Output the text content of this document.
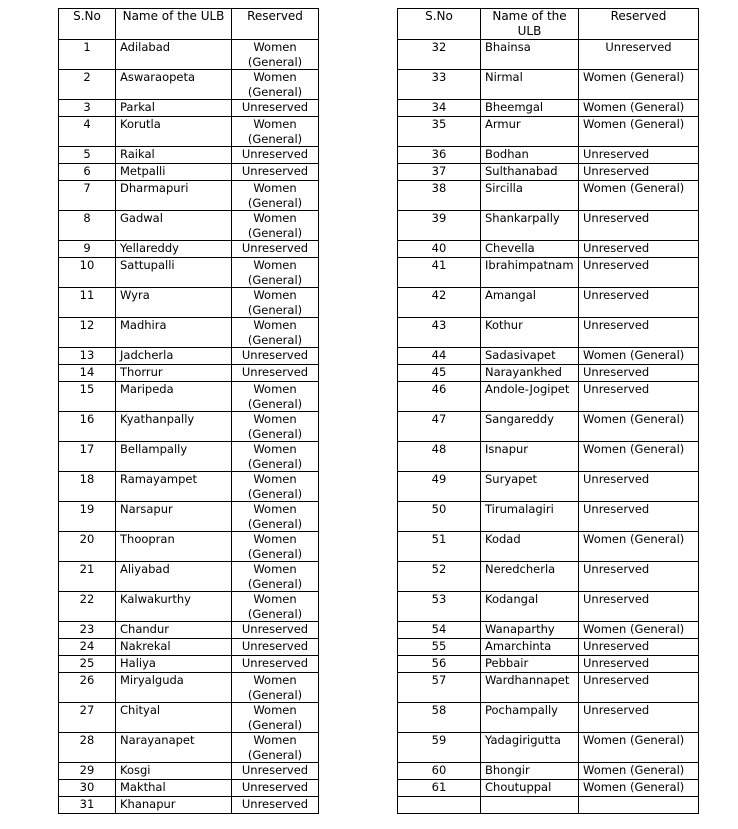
S.No	Name of the ULB	Reserved
1	Adilabad	Women (General)
2	Aswaraopeta	Women (General)
3	Parkal	Unreserved
4	Korutla	Women (General)
5	Raikal	Unreserved
6	Metpalli	Unreserved
7	Dharmapuri	Women (General)
8	Gadwal	Women (General)
9	Yellareddy	Unreserved
10	Sattupalli	Women (General)
11	Wyra	Women (General)
12	Madhira	Women (General)
13	Jadcherla	Unreserved
14	Thorrur	Unreserved
15	Maripeda	Women (General)
16	Kyathanpally	Women (General)
17	Bellampally	Women (General)
18	Ramayampet	Women (General)
19	Narsapur	Women (General)
20	Thoopran	Women (General)
21	Aliyabad	Women (General)
22	Kalwakurthy	Women (General)
23	Chandur	Unreserved
24	Nakrekal	Unreserved
25	Haliya	Unreserved
26	Miryalguda	Women (General)
27	Chityal	Women (General)
28	Narayanapet	Women (General)
29	Kosgi	Unreserved
30	Makthal	Unreserved
31	Khanapur	Unreserved
S.No	Name of the ULB	Reserved
32	Bhainsa	Unreserved
33	Nirmal	Women (General)
34	Bheemgal	Women (General)
35	Armur	Women (General)
36	Bodhan	Unreserved
37	Sulthanabad	Unreserved
38	Sircilla	Women (General)
39	Shankarpally	Unreserved
40	Chevella	Unreserved
41	Ibrahimpatnam	Unreserved
42	Amangal	Unreserved
43	Kothur	Unreserved
44	Sadasivapet	Women (General)
45	Narayankhed	Unreserved
46	Andole-Jogipet	Unreserved
47	Sangareddy	Women (General)
48	Isnapur	Women (General)
49	Suryapet	Unreserved
50	Tirumalagiri	Unreserved
51	Kodad	Women (General)
52	Neredcherla	Unreserved
53	Kodangal	Unreserved
54	Wanaparthy	Women (General)
55	Amarchinta	Unreserved
56	Pebbair	Unreserved
57	Wardhannapet	Unreserved
58	Pochampally	Unreserved
59	Yadagirigutta	Women (General)
60	Bhongir	Women (General)
61	Choutuppal	Women (General)
